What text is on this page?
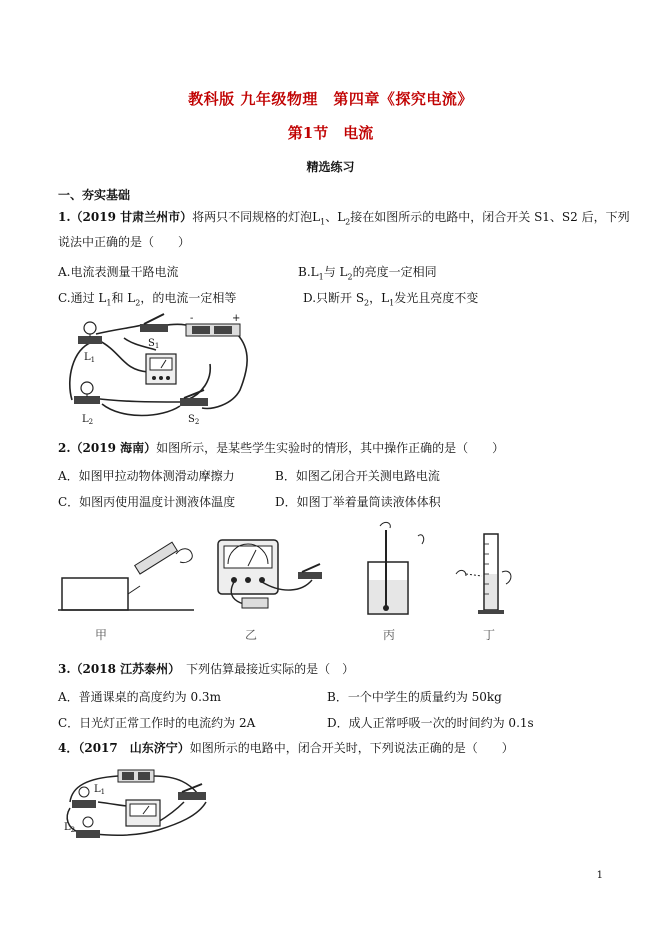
教科版 九年级物理　第四章《探究电流》
第1节　电流
精选练习
一、夯实基础
1.（2019 甘肃兰州市）将两只不同规格的灯泡$L_1$、$L_2$接在如图所示的电路中，闭合开关 S1、S2 后，下列
说法中正确的是（　　）
A.电流表测量干路电流	$B.L_1$与 $L_2$的亮度一定相同
C.通过 $L_1$和 $L_2$，的电流一定相等	D.只断开 $S_2$，$L_1$发光且亮度不变
$L_1$
$L_2$
$S_1$
$S_2$
-	+
2.（2019 海南）如图所示，是某些学生实验时的情形，其中操作正确的是（　　）
A．如图甲拉动物体测滑动摩擦力	B．如图乙闭合开关测电路电流
C．如图丙使用温度计测液体温度	D．如图丁举着量筒读液体体积
甲	乙	丙	丁
3.（2018 江苏泰州）　下列估算最接近实际的是（　）
A．普通课桌的高度约为 0.3m	B．一个中学生的质量约为 50kg
C．日光灯正常工作时的电流约为 2A	D．成人正常呼吸一次的时间约为 0.1s
4．（2017　山东济宁）如图所示的电路中，闭合开关时，下列说法正确的是（　　）
$L_1$
$L_2$
1
